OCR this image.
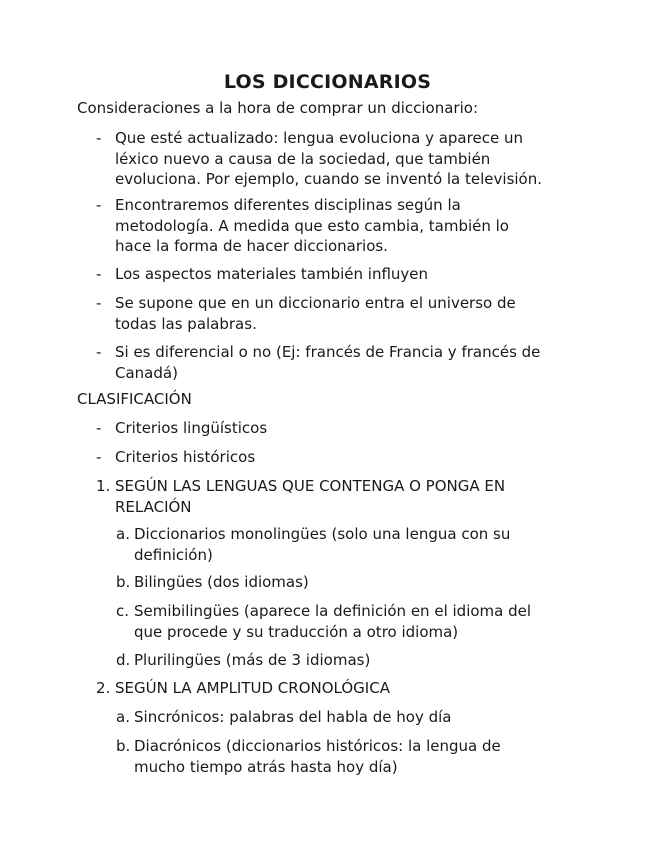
LOS DICCIONARIOS
Consideraciones a la hora de comprar un diccionario:
- Que esté actualizado: lengua evoluciona y aparece un
léxico nuevo a causa de la sociedad, que también
evoluciona. Por ejemplo, cuando se inventó la televisión.
- Encontraremos diferentes disciplinas según la
metodología. A medida que esto cambia, también lo
hace la forma de hacer diccionarios.
- Los aspectos materiales también influyen
- Se supone que en un diccionario entra el universo de
todas las palabras.
- Si es diferencial o no (Ej: francés de Francia y francés de
Canadá)
CLASIFICACIÓN
- Criterios lingüísticos
- Criterios históricos
1. SEGÚN LAS LENGUAS QUE CONTENGA O PONGA EN
RELACIÓN
a. Diccionarios monolingües (solo una lengua con su
definición)
b. Bilingües (dos idiomas)
c. Semibilingües (aparece la definición en el idioma del
que procede y su traducción a otro idioma)
d. Plurilingües (más de 3 idiomas)
2. SEGÚN LA AMPLITUD CRONOLÓGICA
a. Sincrónicos: palabras del habla de hoy día
b. Diacrónicos (diccionarios históricos: la lengua de
mucho tiempo atrás hasta hoy día)
